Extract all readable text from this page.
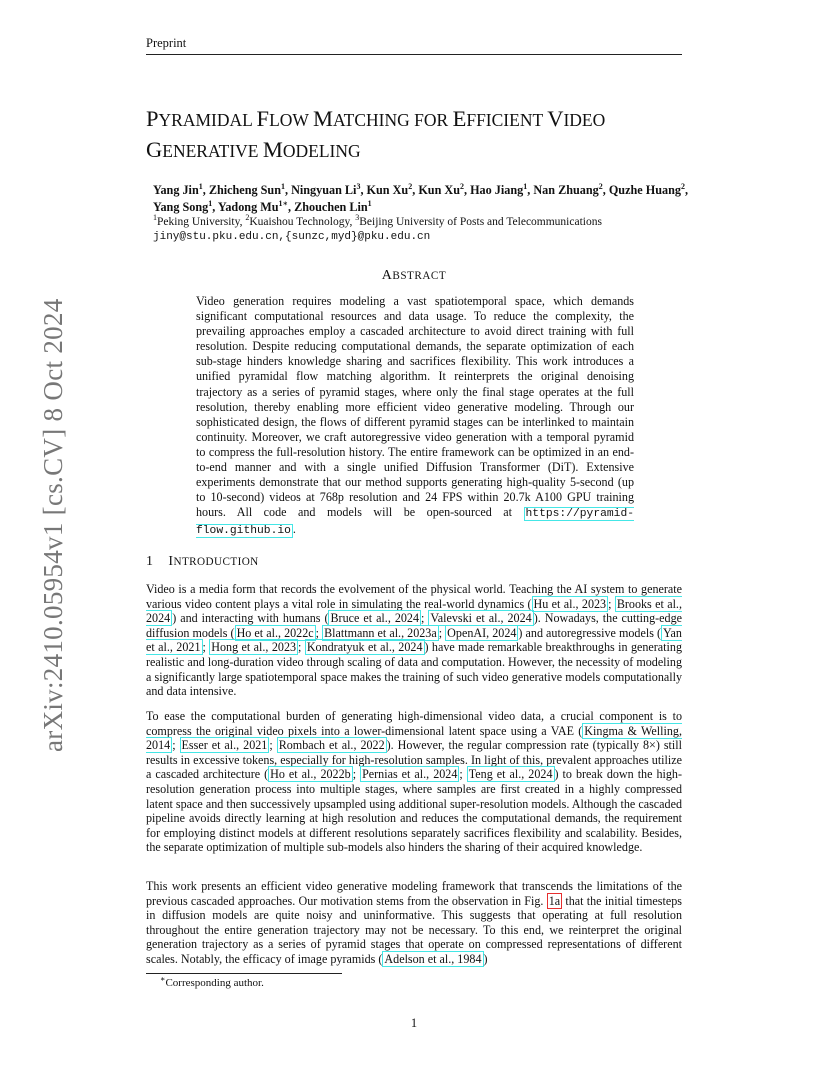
Preprint
arXiv:2410.05954v1 [cs.CV] 8 Oct 2024
PYRAMIDAL FLOW MATCHING FOR EFFICIENT VIDEO
GENERATIVE MODELING
Yang Jin$^1$, Zhicheng Sun$^1$, Ningyuan Li$^3$, Kun Xu$^2$, Kun Xu$^2$, Hao Jiang$^1$, Nan Zhuang$^2$, Quzhe Huang$^2$, Yang Song$^1$, Yadong $Mu^{1∗}$, Zhouchen Lin$^1$
$^1$Peking University, $^2$Kuaishou Technology, $^3$Beijing University of Posts and Telecommunications
jiny@stu.pku.edu.cn,{sunzc,myd}@pku.edu.cn
ABSTRACT

Video generation requires modeling a vast spatiotemporal space, which demands significant computational resources and data usage. To reduce the complexity, the prevailing approaches employ a cascaded architecture to avoid direct training with full resolution. Despite reducing computational demands, the separate optimization of each sub-stage hinders knowledge sharing and sacrifices flexibility. This work introduces a unified pyramidal flow matching algorithm. It reinterprets the original denoising trajectory as a series of pyramid stages, where only the final stage operates at the full resolution, thereby enabling more efficient video generative modeling. Through our sophisticated design, the flows of different pyramid stages can be interlinked to maintain continuity. Moreover, we craft autoregressive video generation with a temporal pyramid to compress the full-resolution history. The entire framework can be optimized in an end-to-end manner and with a single unified Diffusion Transformer (DiT). Extensive experiments demonstrate that our method supports generating high-quality 5-second (up to 10-second) videos at 768p resolution and 24 FPS within 20.7k A100 GPU training hours. All code and models will be open-sourced at https://pyramid-flow.github.io .

1 INTRODUCTION

Video is a media form that records the evolvement of the physical world. Teaching the AI system to generate various video content plays a vital role in simulating the real-world dynamics ( Hu et al., 2023 ; Brooks et al., 2024 ) and interacting with humans ( Bruce et al., 2024 ; Valevski et al., 2024 ). Nowadays, the cutting-edge diffusion models ( Ho et al., 2022c ; Blattmann et al., 2023a ; OpenAI, 2024 ) and autoregressive models ( Yan et al., 2021 ; Hong et al., 2023 ; Kondratyuk et al., 2024 ) have made remarkable breakthroughs in generating realistic and long-duration video through scaling of data and computation. However, the necessity of modeling a significantly large spatiotemporal space makes the training of such video generative models computationally and data intensive.

To ease the computational burden of generating high-dimensional video data, a crucial component is to compress the original video pixels into a lower-dimensional latent space using a VAE ( Kingma & Welling, 2014 ; Esser et al., 2021 ; Rombach et al., 2022 ). However, the regular compression rate (typically 8×) still results in excessive tokens, especially for high-resolution samples. In light of this, prevalent approaches utilize a cascaded architecture ( Ho et al., 2022b ; Pernias et al., 2024 ; Teng et al., 2024 ) to break down the high-resolution generation process into multiple stages, where samples are first created in a highly compressed latent space and then successively upsampled using additional super-resolution models. Although the cascaded pipeline avoids directly learning at high resolution and reduces the computational demands, the requirement for employing distinct models at different resolutions separately sacrifices flexibility and scalability. Besides, the separate optimization of multiple sub-models also hinders the sharing of their acquired knowledge.

This work presents an efficient video generative modeling framework that transcends the limitations of the previous cascaded approaches. Our motivation stems from the observation in Fig. 1a that the initial timesteps in diffusion models are quite noisy and uninformative. This suggests that operating at full resolution throughout the entire generation trajectory may not be necessary. To this end, we reinterpret the original generation trajectory as a series of pyramid stages that operate on compressed representations of different scales. Notably, the efficacy of image pyramids ( Adelson et al., 1984 )

∗Corresponding author.
1
